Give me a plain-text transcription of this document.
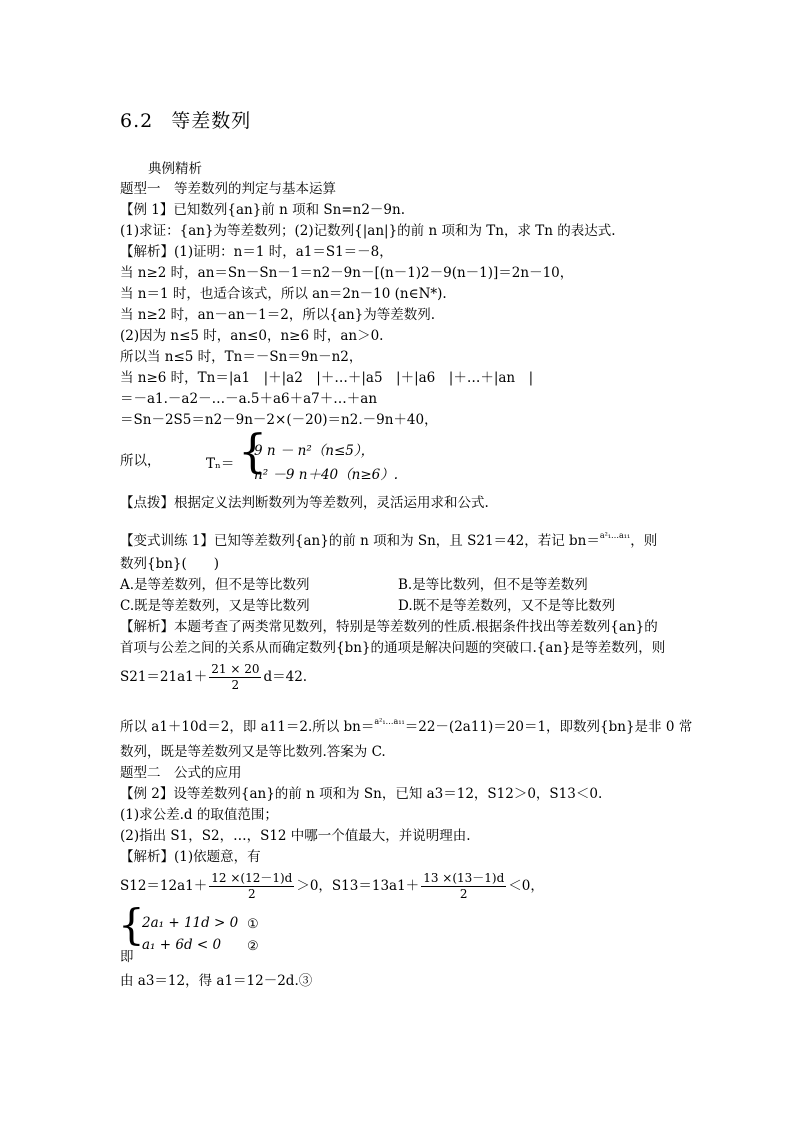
6.2 等差数列
典例精析
题型一　等差数列的判定与基本运算
【例 1】已知数列{an}前 n 项和 Sn=n2－9n.
(1)求证：{an}为等差数列；(2)记数列{|an|}的前 n 项和为 Tn，求 Tn 的表达式.
【解析】(1)证明：n＝1 时，a1＝S1＝－8，
当 n≥2 时，an＝Sn－Sn－1＝n2－9n－[(n－1)2－9(n－1)]＝2n－10，
当 n＝1 时，也适合该式，所以 an＝2n－10 (n∈N*).
当 n≥2 时，an－an－1＝2，所以{an}为等差数列.
(2)因为 n≤5 时，an≤0，n≥6 时，an＞0.
所以当 n≤5 时，Tn＝－Sn＝9n－n2，
当 n≥6 时，Tn＝|a1　|＋|a2　|＋…＋|a5　|＋|a6　|＋…＋|an　|
＝－a1.－a2－…－a.5＋a6＋a7＋…＋an
＝Sn－2S5＝n2－9n－2×(－20)＝n2.－9n＋40，
所以，	Tₙ＝ {
9 n － n²（n≤5），
n² －9 n＋40（n≥6）.
【点拨】根据定义法判断数列为等差数列，灵活运用求和公式.
【变式训练 1】已知等差数列{an}的前 n 项和为 Sn，且 S21＝42，若记 bn＝$^{a^2_1\dots a_{11}}$，则
数列{bn}(　　)
A.是等差数列，但不是等比数列	B.是等比数列，但不是等差数列
C.既是等差数列，又是等比数列	D.既不是等差数列，又不是等比数列
【解析】本题考查了两类常见数列，特别是等差数列的性质.根据条件找出等差数列{an}的
首项与公差之间的关系从而确定数列{bn}的通项是解决问题的突破口.{an}是等差数列，则
$S21=21a1+ \frac{21 \times 20}{2} d=42$.
所以 a1＋10d＝2，即 a11＝2.所以 bn＝$^{a^2_1\dots a_{11}}$＝22－(2a11)＝20＝1，即数列{bn}是非 0 常
数列，既是等差数列又是等比数列.答案为 C.
题型二　公式的应用
【例 2】设等差数列{an}的前 n 项和为 Sn，已知 a3＝12，S12＞0，S13＜0.
(1)求公差.d 的取值范围；
(2)指出 S1，S2，…，S12 中哪一个值最大，并说明理由.
【解析】(1)依题意，有
$S12=12a1+ \frac{12 \times(12-1)d}{2} >0$，$S13=13a1+ \frac{13 \times(13-1)d}{2} <0$，
{
2a₁ + 11d > 0
a₁ + 6d < 0
①
②
即
由 a3＝12，得 a1＝12－2d.③
